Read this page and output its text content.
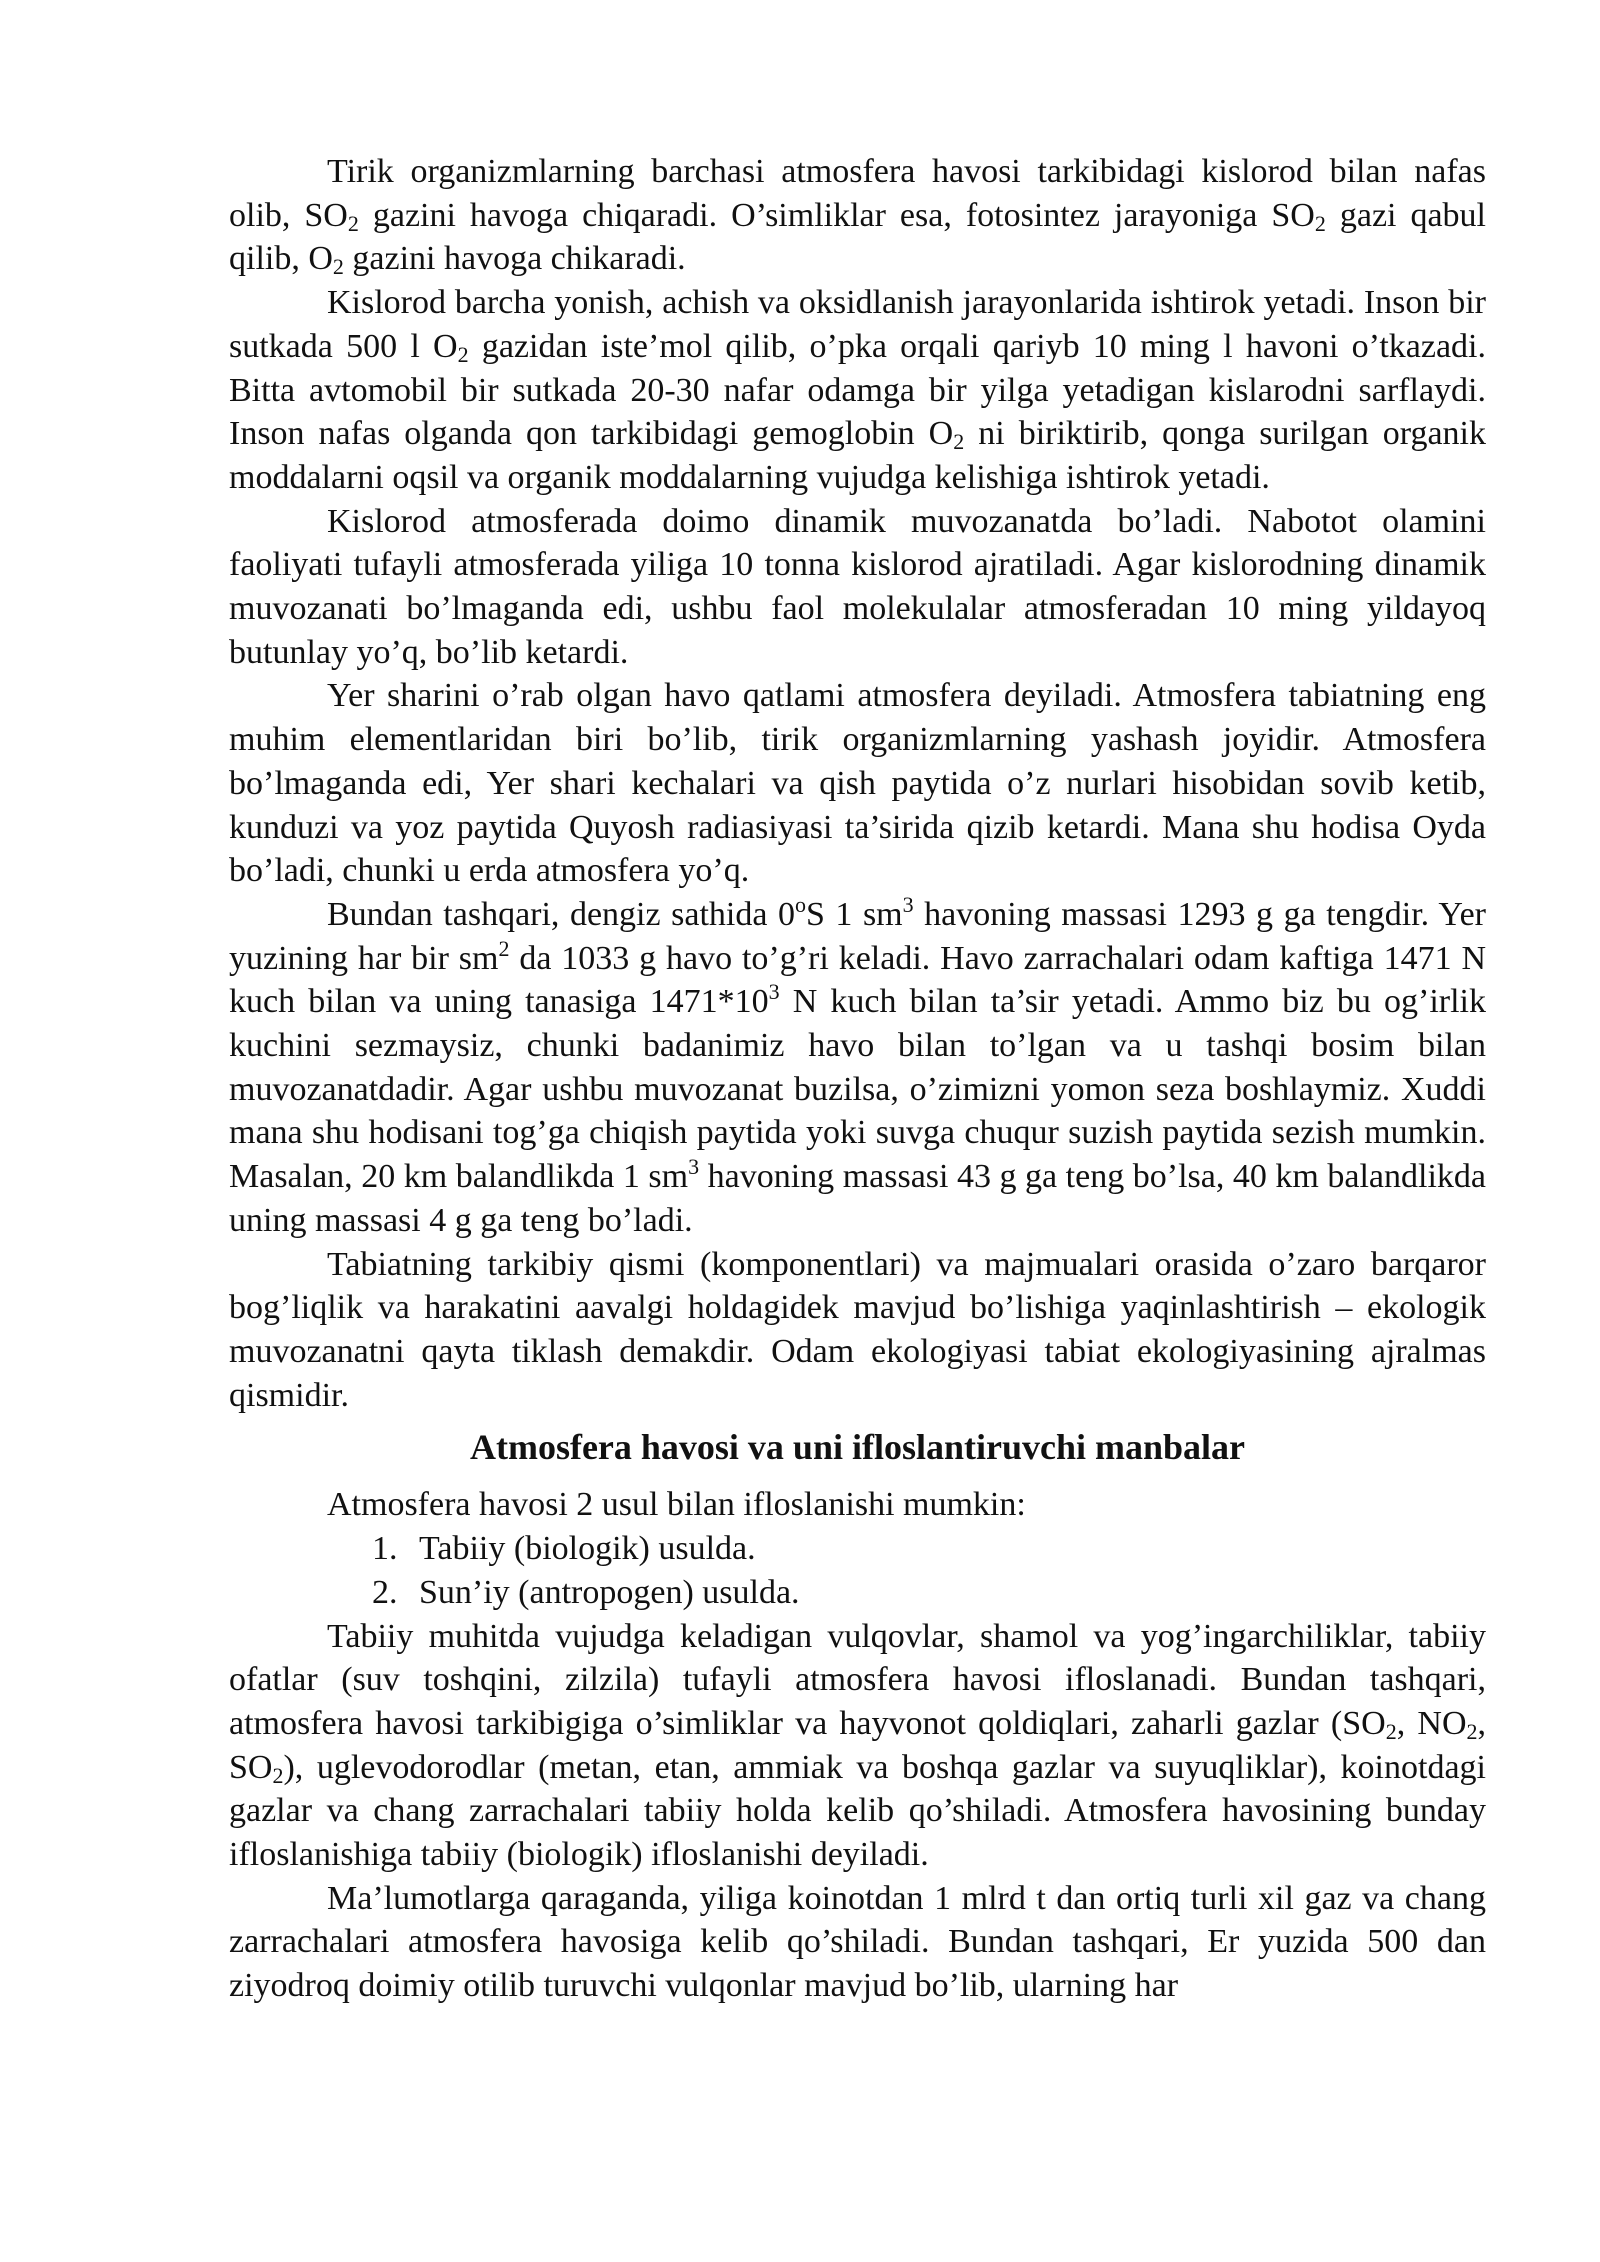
Tirik organizmlarning barchasi atmosfera havosi tarkibidagi kislorod bilan nafas olib, $SO_2$ gazini havoga chiqaradi. O’simliklar esa, fotosintez jarayoniga $SO_2$ gazi qabul qilib, $O_2$ gazini havoga chikaradi.

Kislorod barcha yonish, achish va oksidlanish jarayonlarida ishtirok yetadi. Inson bir sutkada 500 l $O_2$ gazidan iste’mol qilib, o’pka orqali qariyb 10 ming l havoni o’tkazadi. Bitta avtomobil bir sutkada 20-30 nafar odamga bir yilga yetadigan kislarodni sarflaydi. Inson nafas olganda qon tarkibidagi gemoglobin $O_2$ ni biriktirib, qonga surilgan organik moddalarni oqsil va organik moddalarning vujudga kelishiga ishtirok yetadi.

Kislorod atmosferada doimo dinamik muvozanatda bo’ladi. Nabotot olamini faoliyati tufayli atmosferada yiliga 10 tonna kislorod ajratiladi. Agar kislorodning dinamik muvozanati bo’lmaganda edi, ushbu faol molekulalar atmosferadan 10 ming yildayoq butunlay yo’q, bo’lib ketardi.

Yer sharini o’rab olgan havo qatlami atmosfera deyiladi. Atmosfera tabiatning eng muhim elementlaridan biri bo’lib, tirik organizmlarning yashash joyidir. Atmosfera bo’lmaganda edi, Yer shari kechalari va qish paytida o’z nurlari hisobidan sovib ketib, kunduzi va yoz paytida Quyosh radiasiyasi ta’sirida qizib ketardi. Mana shu hodisa Oyda bo’ladi, chunki u erda atmosfera yo’q.

Bundan tashqari, dengiz sathida 0$^o$S 1 $sm^3$ havoning massasi 1293 g ga tengdir. Yer yuzining har bir $sm^2$ da 1033 g havo to’g’ri keladi. Havo zarrachalari odam kaftiga 1471 N kuch bilan va uning tanasiga $1471*10^3$ N kuch bilan ta’sir yetadi. Ammo biz bu og’irlik kuchini sezmaysiz, chunki badanimiz havo bilan to’lgan va u tashqi bosim bilan muvozanatdadir. Agar ushbu muvozanat buzilsa, o’zimizni yomon seza boshlaymiz. Xuddi mana shu hodisani tog’ga chiqish paytida yoki suvga chuqur suzish paytida sezish mumkin. Masalan, 20 km balandlikda 1 $sm^3$ havoning massasi 43 g ga teng bo’lsa, 40 km balandlikda uning massasi 4 g ga teng bo’ladi.

Tabiatning tarkibiy qismi (komponentlari) va majmualari orasida o’zaro barqaror bog’liqlik va harakatini aavalgi holdagidek mavjud bo’lishiga yaqinlashtirish – ekologik muvozanatni qayta tiklash demakdir. Odam ekologiyasi tabiat ekologiyasining ajralmas qismidir.

Atmosfera havosi va uni ifloslantiruvchi manbalar

Atmosfera havosi 2 usul bilan ifloslanishi mumkin:

1. Tabiiy (biologik) usulda.
2. Sun’iy (antropogen) usulda.

Tabiiy muhitda vujudga keladigan vulqovlar, shamol va yog’ingarchiliklar, tabiiy ofatlar (suv toshqini, zilzila) tufayli atmosfera havosi ifloslanadi. Bundan tashqari, atmosfera havosi tarkibigiga o’simliklar va hayvonot qoldiqlari, zaharli gazlar ($SO_2$, $NO_2$, $SO_2$), uglevodorodlar (metan, etan, ammiak va boshqa gazlar va suyuqliklar), koinotdagi gazlar va chang zarrachalari tabiiy holda kelib qo’shiladi. Atmosfera havosining bunday ifloslanishiga tabiiy (biologik) ifloslanishi deyiladi.

Ma’lumotlarga qaraganda, yiliga koinotdan 1 mlrd t dan ortiq turli xil gaz va chang zarrachalari atmosfera havosiga kelib qo’shiladi. Bundan tashqari, Er yuzida 500 dan ziyodroq doimiy otilib turuvchi vulqonlar mavjud bo’lib, ularning har
